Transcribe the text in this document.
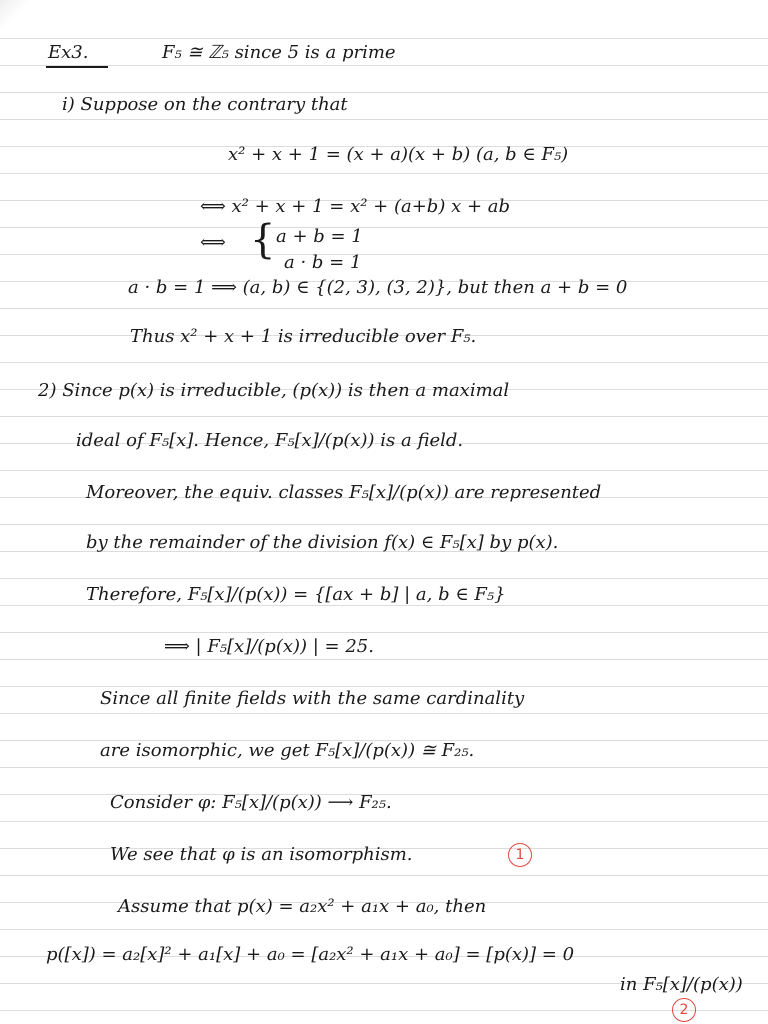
Ex3.	F₅ ≅ ℤ₅ since 5 is a prime
i) Suppose on the contrary that
x² + x + 1 = (x + a)(x + b) (a, b ∈ F₅)
⟺ x² + x + 1 = x² + (a+b) x + ab
⟺ { a + b = 1
a · b = 1
a · b = 1 ⟹ (a, b) ∈ {(2, 3), (3, 2)}, but then a + b = 0
Thus x² + x + 1 is irreducible over F₅.
2) Since p(x) is irreducible, (p(x)) is then a maximal
ideal of F₅[x]. Hence, F₅[x]/(p(x)) is a field.
Moreover, the equiv. classes F₅[x]/(p(x)) are represented
by the remainder of the division f(x) ∈ F₅[x] by p(x).
Therefore, F₅[x]/(p(x)) = {[ax + b] | a, b ∈ F₅}
⟹ | F₅[x]/(p(x)) | = 25.
Since all finite fields with the same cardinality
are isomorphic, we get F₅[x]/(p(x)) ≅ F₂₅.
Consider φ: F₅[x]/(p(x)) ⟶ F₂₅.
We see that φ is an isomorphism.	1
Assume that p(x) = a₂x² + a₁x + a₀, then
p([x]) = a₂[x]² + a₁[x] + a₀ = [a₂x² + a₁x + a₀] = [p(x)] = 0
in F₅[x]/(p(x))
2
